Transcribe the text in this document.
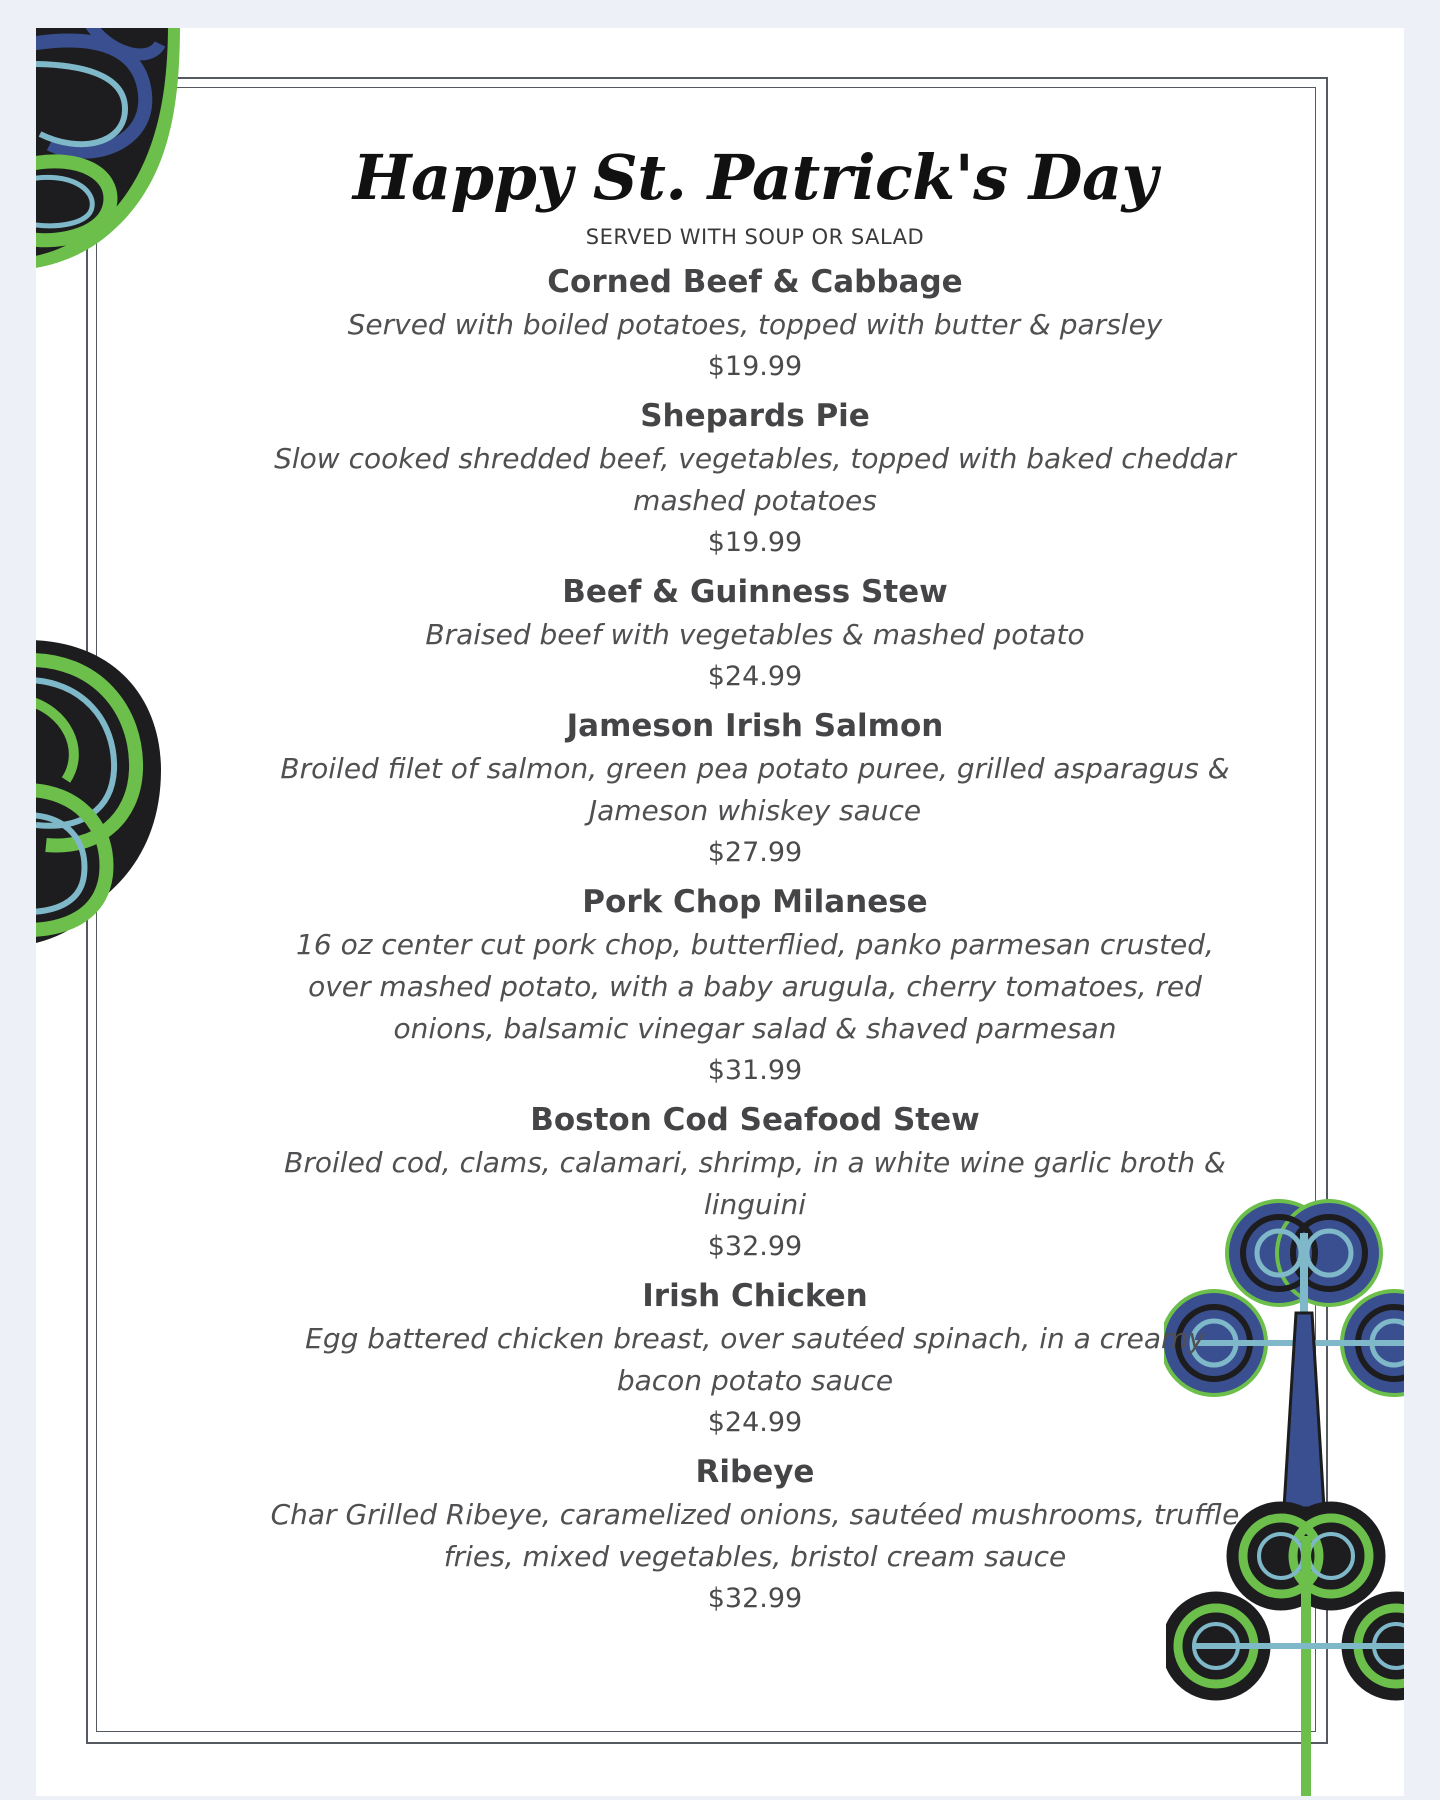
Happy St. Patrick's Day
SERVED WITH SOUP OR SALAD
Corned Beef & Cabbage
Served with boiled potatoes, topped with butter & parsley
$19.99
Shepards Pie
Slow cooked shredded beef, vegetables, topped with baked cheddar mashed potatoes
$19.99
Beef & Guinness Stew
Braised beef with vegetables & mashed potato
$24.99
Jameson Irish Salmon
Broiled filet of salmon, green pea potato puree, grilled asparagus & Jameson whiskey sauce
$27.99
Pork Chop Milanese
16 oz center cut pork chop, butterflied, panko parmesan crusted, over mashed potato, with a baby arugula, cherry tomatoes, red onions, balsamic vinegar salad & shaved parmesan
$31.99
Boston Cod Seafood Stew
Broiled cod, clams, calamari, shrimp, in a white wine garlic broth & linguini
$32.99
Irish Chicken
Egg battered chicken breast, over sautéed spinach, in a creamy bacon potato sauce
$24.99
Ribeye
Char Grilled Ribeye, caramelized onions, sautéed mushrooms, truffle fries, mixed vegetables, bristol cream sauce
$32.99
